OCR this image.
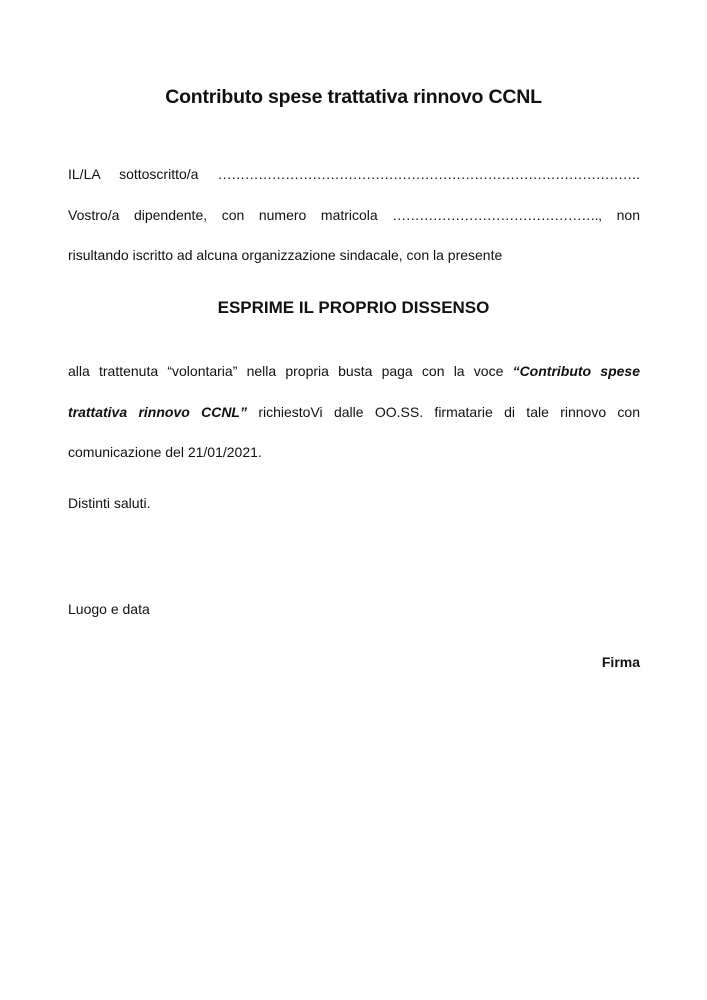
Contributo spese trattativa rinnovo CCNL

IL/LA sottoscritto/a …………………………………………………………………………………. Vostro/a dipendente, con numero matricola ………………………………………., non risultando iscritto ad alcuna organizzazione sindacale, con la presente

ESPRIME IL PROPRIO DISSENSO

alla trattenuta “volontaria” nella propria busta paga con la voce “Contributo spese trattativa rinnovo CCNL” richiestoVi dalle OO.SS. firmatarie di tale rinnovo con comunicazione del 21/01/2021.

Distinti saluti.

Luogo e data

Firma
